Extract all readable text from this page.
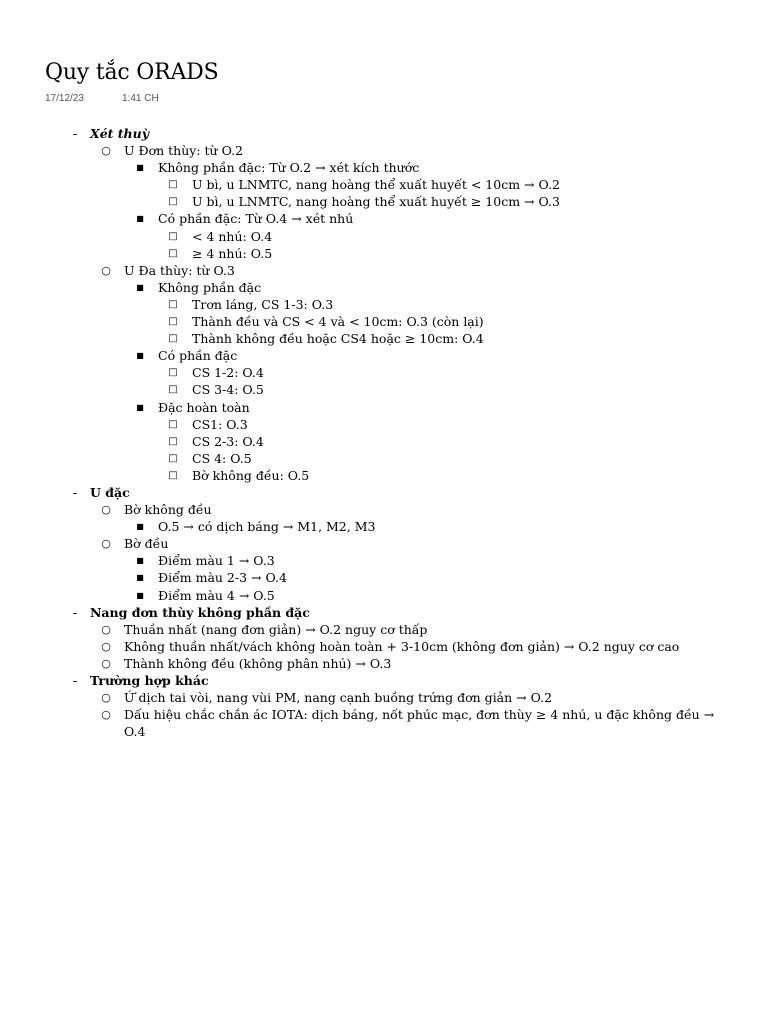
Quy tắc ORADS
17/12/23	1:41 CH
-	Xét thuỳ
○ U Đơn thùy: từ O.2
■ Không phần đặc: Từ O.2 → xét kích thước
□ U bì, u LNMTC, nang hoàng thể xuất huyết < 10cm → O.2
□ U bì, u LNMTC, nang hoàng thể xuất huyết ≥ 10cm → O.3
■ Có phần đặc: Từ O.4 → xét nhú
□ < 4 nhú: O.4
□ ≥ 4 nhú: O.5
○ U Đa thùy: từ O.3
■ Không phần đặc
□ Trơn láng, CS 1-3: O.3
□ Thành đều và CS < 4 và < 10cm: O.3 (còn lại)
□ Thành không đều hoặc CS4 hoặc ≥ 10cm: O.4
■ Có phần đặc
□ CS 1-2: O.4
□ CS 3-4: O.5
■ Đặc hoàn toàn
□ CS1: O.3
□ CS 2-3: O.4
□ CS 4: O.5
□ Bờ không đều: O.5
-	U đặc
○ Bờ không đều
■ O.5 → có dịch báng → M1, M2, M3
○ Bờ đều
■ Điểm màu 1 → O.3
■ Điểm màu 2-3 → O.4
■ Điểm màu 4 → O.5
-	Nang đơn thùy không phần đặc
○ Thuần nhất (nang đơn giản) → O.2 nguy cơ thấp
○ Không thuần nhất/vách không hoàn toàn + 3-10cm (không đơn giản) → O.2 nguy cơ cao
○ Thành không đều (không phân nhú) → O.3
-	Trường hợp khác
○ Ứ dịch tai vòi, nang vùi PM, nang cạnh buồng trứng đơn giản → O.2
○ Dấu hiệu chắc chắn ác IOTA: dịch báng, nốt phúc mạc, đơn thùy ≥ 4 nhú, u đặc không đều → O.4
